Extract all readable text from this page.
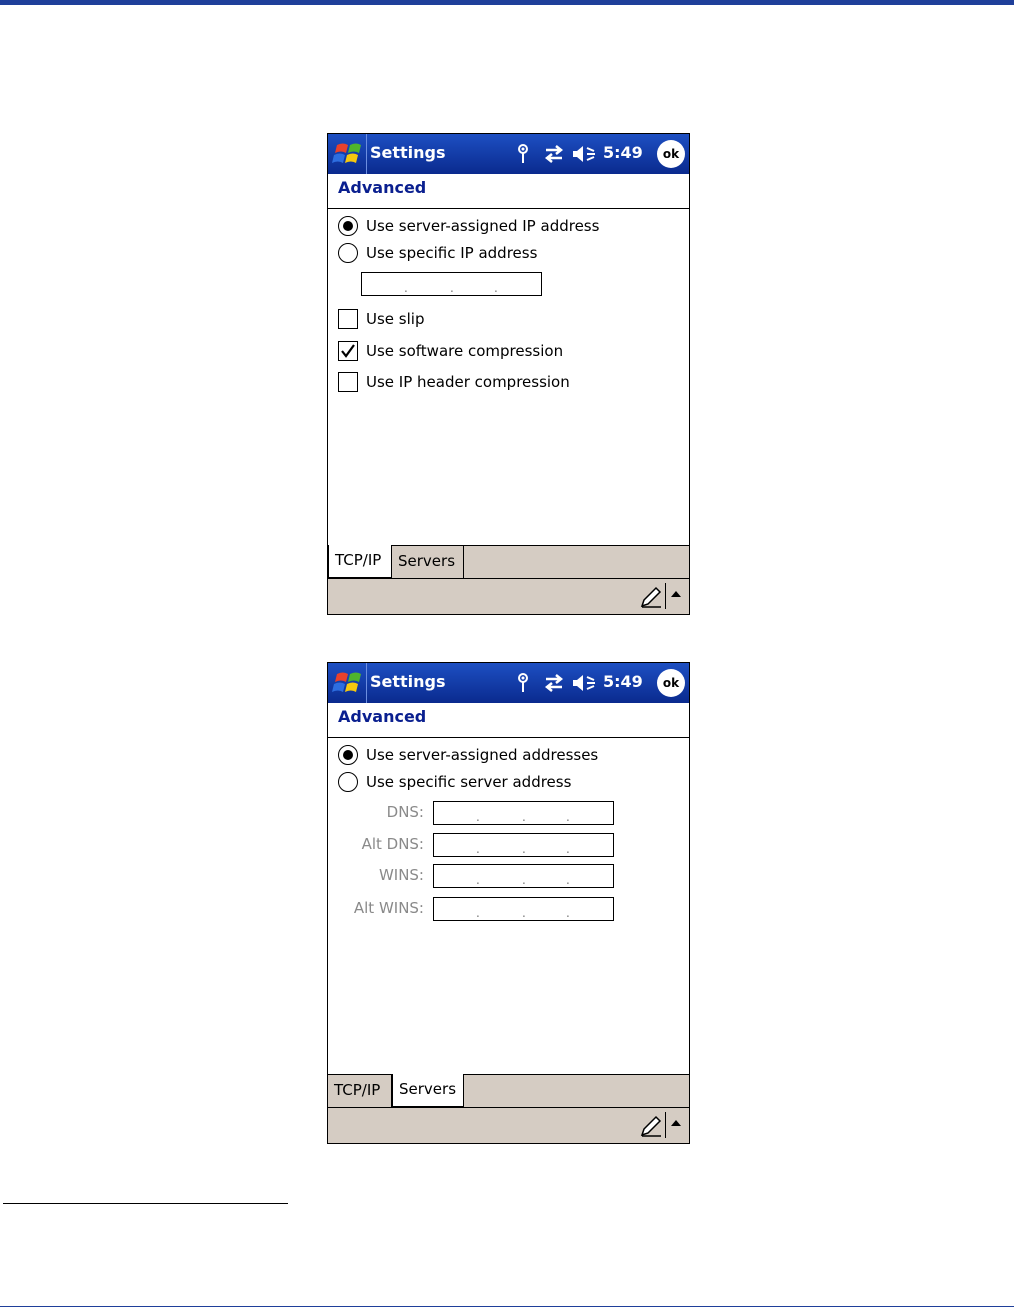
Settings	5:49	ok
Advanced
Use server-assigned IP address
Use specific IP address
.	.	.
Use slip
Use software compression
Use IP header compression
TCP/IP	Servers
Settings	5:49	ok
Advanced
Use server-assigned addresses
Use specific server address
DNS:	.	.	.
Alt DNS:	.	.	.
WINS:	.	.	.
Alt WINS:	.	.	.
TCP/IP	Servers
